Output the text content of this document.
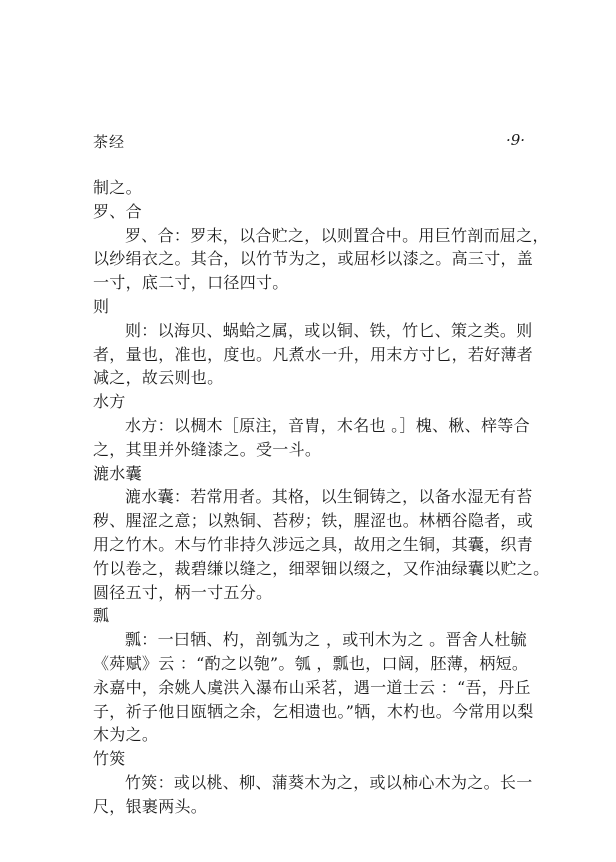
茶经	·9·
制之。
罗、合
罗、合：罗末，以合贮之，以则置合中。用巨竹剖而屈之，
以纱绢衣之。其合，以竹节为之，或屈杉以漆之。高三寸，盖
一寸，底二寸，口径四寸。
则
则：以海贝、蜗蛤之属，或以铜、铁，竹匕、策之类。则
者，量也，准也，度也。凡煮水一升，用末方寸匕，若好薄者
减之，故云则也。
水方
水方：以椆木［原注，音胄，木名也 。］槐、楸、梓等合
之，其里并外缝漆之。受一斗。
漉水囊
漉水囊：若常用者。其格，以生铜铸之，以备水湿无有苔
秽、腥涩之意；以熟铜、苔秽；铁，腥涩也。林栖谷隐者，或
用之竹木。木与竹非持久涉远之具，故用之生铜，其囊，织青
竹以卷之，裁碧缣以缝之，细翠钿以缀之，又作油绿囊以贮之。
圆径五寸，柄一寸五分。
瓢
瓢：一曰牺、杓，剖瓠为之 ，或刊木为之 。晋舍人杜毓
《荈赋》云 ：“酌之以匏”。瓠 ，瓢也，口阔，胚薄，柄短。
永嘉中，余姚人虞洪入瀑布山采茗，遇一道士云 ：“吾，丹丘
子，祈子他日瓯牺之余，乞相遗也。”牺，木杓也。今常用以梨
木为之。
竹筴
竹筴：或以桃、柳、蒲葵木为之，或以柿心木为之。长一
尺，银裹两头。
